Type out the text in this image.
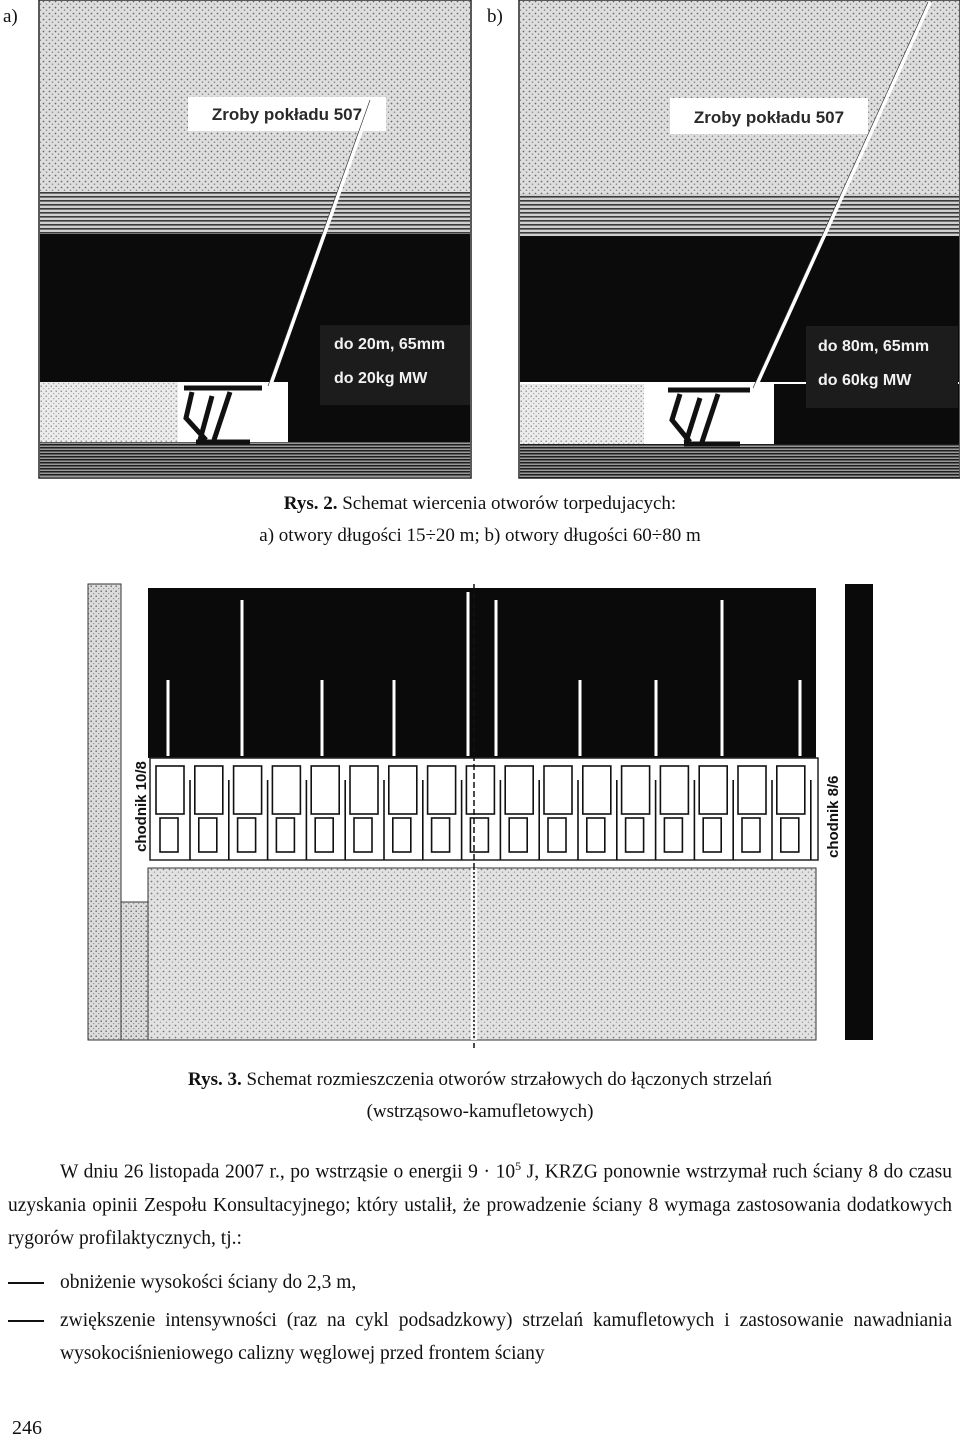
a)	b)
Zroby pokładu 507
do 20m, 65mm
do 20kg MW
Zroby pokładu 507
do 80m, 65mm
do 60kg MW
Rys. 2. Schemat wiercenia otworów torpedujacych:
a) otwory długości 15÷20 m; b) otwory długości 60÷80 m
chodnik 10/8	chodnik 8/6
Rys. 3. Schemat rozmieszczenia otworów strzałowych do łączonych strzelań
(wstrząsowo-kamufletowych)
W dniu 26 listopada 2007 r., po wstrząsie o energii $9 \cdot 10^5$ J, KRZG ponownie wstrzymał ruch ściany 8 do czasu uzyskania opinii Zespołu Konsultacyjnego; który ustalił, że prowadzenie ściany 8 wymaga zastosowania dodatkowych rygorów profilaktycznych, tj.:
obniżenie wysokości ściany do 2,3 m,
zwiększenie intensywności (raz na cykl podsadzkowy) strzelań kamufletowych i zastosowanie nawadniania wysokociśnieniowego calizny węglowej przed frontem ściany
246
